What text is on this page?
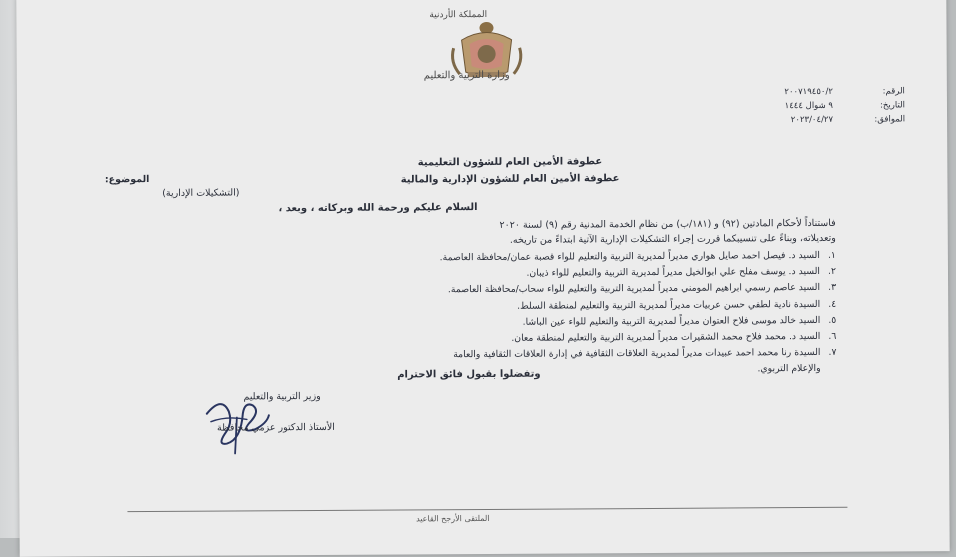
المملكة الأردنية
وزارة التربية والتعليم
الرقم:
٢٠٠٧١٩٤٥٠/٢
التاريخ:
٩ شوال ١٤٤٤
الموافق:
٢٠٢٣/٠٤/٢٧
عطوفة الأمين العام للشؤون التعليمية
عطوفة الأمين العام للشؤون الإدارية والمالية
الموضوع:
(التشكيلات الإدارية)
السلام عليكم ورحمة الله وبركاته ، وبعد ،
فاستناداً لأحكام المادتين (٩٢) و (١٨١/ب) من نظام الخدمة المدنية رقم (٩) لسنة ٢٠٢٠
وتعديلاته، وبناءً على تنسيبكما قررت إجراء التشكيلات الإدارية الآتية ابتداءً من تاريخه.
١.السيد د. فيصل احمد صايل هواري مديراً لمديرية التربية والتعليم للواء قصبة عمان/محافظة العاصمة.
٢.السيد د. يوسف مفلح علي ابوالخيل مديراً لمديرية التربية والتعليم للواء ذيبان.
٣.السيد عاصم رسمي ابراهيم المومني مديراً لمديرية التربية والتعليم للواء سحاب/محافظة العاصمة.
٤.السيدة نادية لطفي حسن عربيات مديراً لمديرية التربية والتعليم لمنطقة السلط.
٥.السيد خالد موسى فلاح العتوان مديراً لمديرية التربية والتعليم للواء عين الباشا.
٦.السيد د. محمد فلاح محمد الشقيرات مديراً لمديرية التربية والتعليم لمنطقة معان.
٧.السيدة رنا محمد احمد عبيدات مديراً لمديرية العلاقات الثقافية في إدارة العلاقات الثقافية والعامة
والإعلام التربوي.
وتفضلوا بقبول فائق الاحترام
وزير التربية والتعليم
الأستاذ الدكتور عزمي محافظة
الملتقى الأرجح القاعيد
